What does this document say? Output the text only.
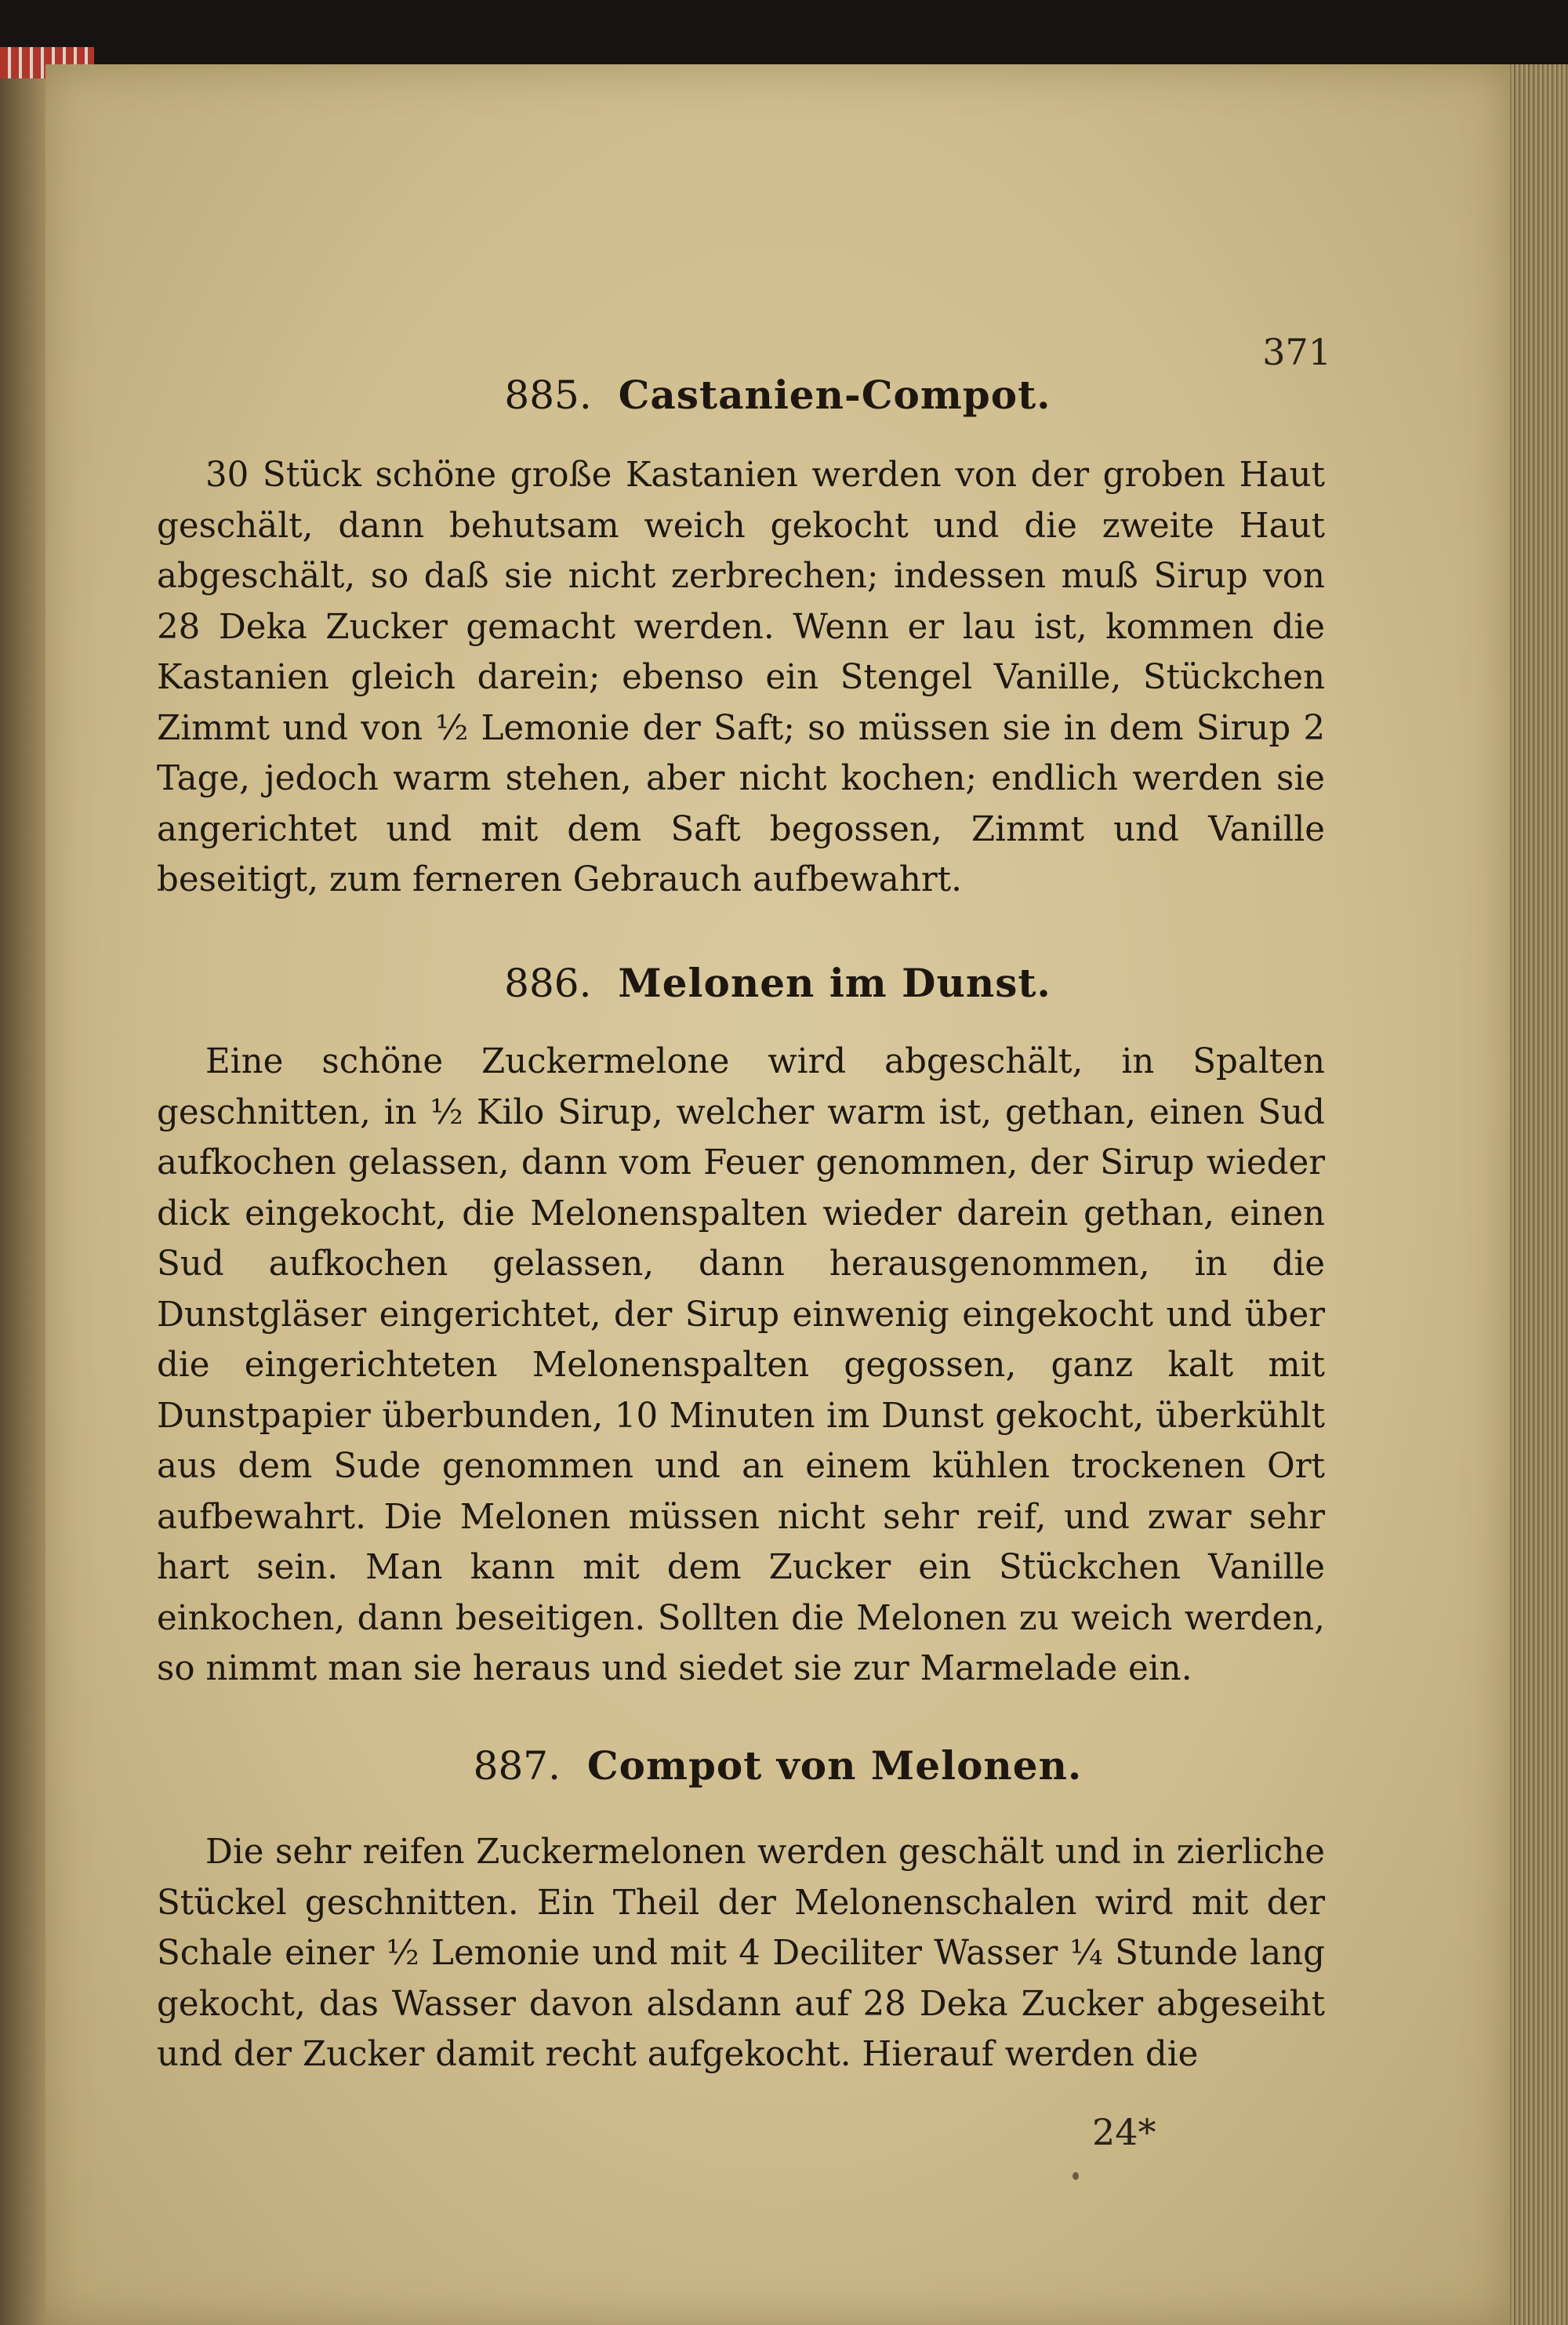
371
885. Castanien-Compot.

30 Stück schöne große Kastanien werden von der groben Haut geschält, dann behutsam weich gekocht und die zweite Haut abgeschält, so daß sie nicht zerbrechen; indessen muß Sirup von 28 Deka Zucker gemacht werden. Wenn er lau ist, kommen die Kastanien gleich darein; ebenso ein Stengel Vanille, Stückchen Zimmt und von ½ Lemonie der Saft; so müssen sie in dem Sirup 2 Tage, jedoch warm stehen, aber nicht kochen; endlich werden sie angerichtet und mit dem Saft begossen, Zimmt und Vanille beseitigt, zum ferneren Gebrauch aufbewahrt.

886. Melonen im Dunst.

Eine schöne Zuckermelone wird abgeschält, in Spalten geschnitten, in ½ Kilo Sirup, welcher warm ist, gethan, einen Sud aufkochen gelassen, dann vom Feuer genommen, der Sirup wieder dick eingekocht, die Melonenspalten wieder darein gethan, einen Sud aufkochen gelassen, dann herausgenommen, in die Dunstgläser eingerichtet, der Sirup einwenig eingekocht und über die eingerichteten Melonenspalten gegossen, ganz kalt mit Dunstpapier überbunden, 10 Minuten im Dunst gekocht, überkühlt aus dem Sude genommen und an einem kühlen trockenen Ort aufbewahrt. Die Melonen müssen nicht sehr reif, und zwar sehr hart sein. Man kann mit dem Zucker ein Stückchen Vanille einkochen, dann beseitigen. Sollten die Melonen zu weich werden, so nimmt man sie heraus und siedet sie zur Marmelade ein.

887. Compot von Melonen.

Die sehr reifen Zuckermelonen werden geschält und in zierliche Stückel geschnitten. Ein Theil der Melonenschalen wird mit der Schale einer ½ Lemonie und mit 4 Deciliter Wasser ¼ Stunde lang gekocht, das Wasser davon alsdann auf 28 Deka Zucker abgeseiht und der Zucker damit recht aufgekocht. Hierauf werden die

24*
